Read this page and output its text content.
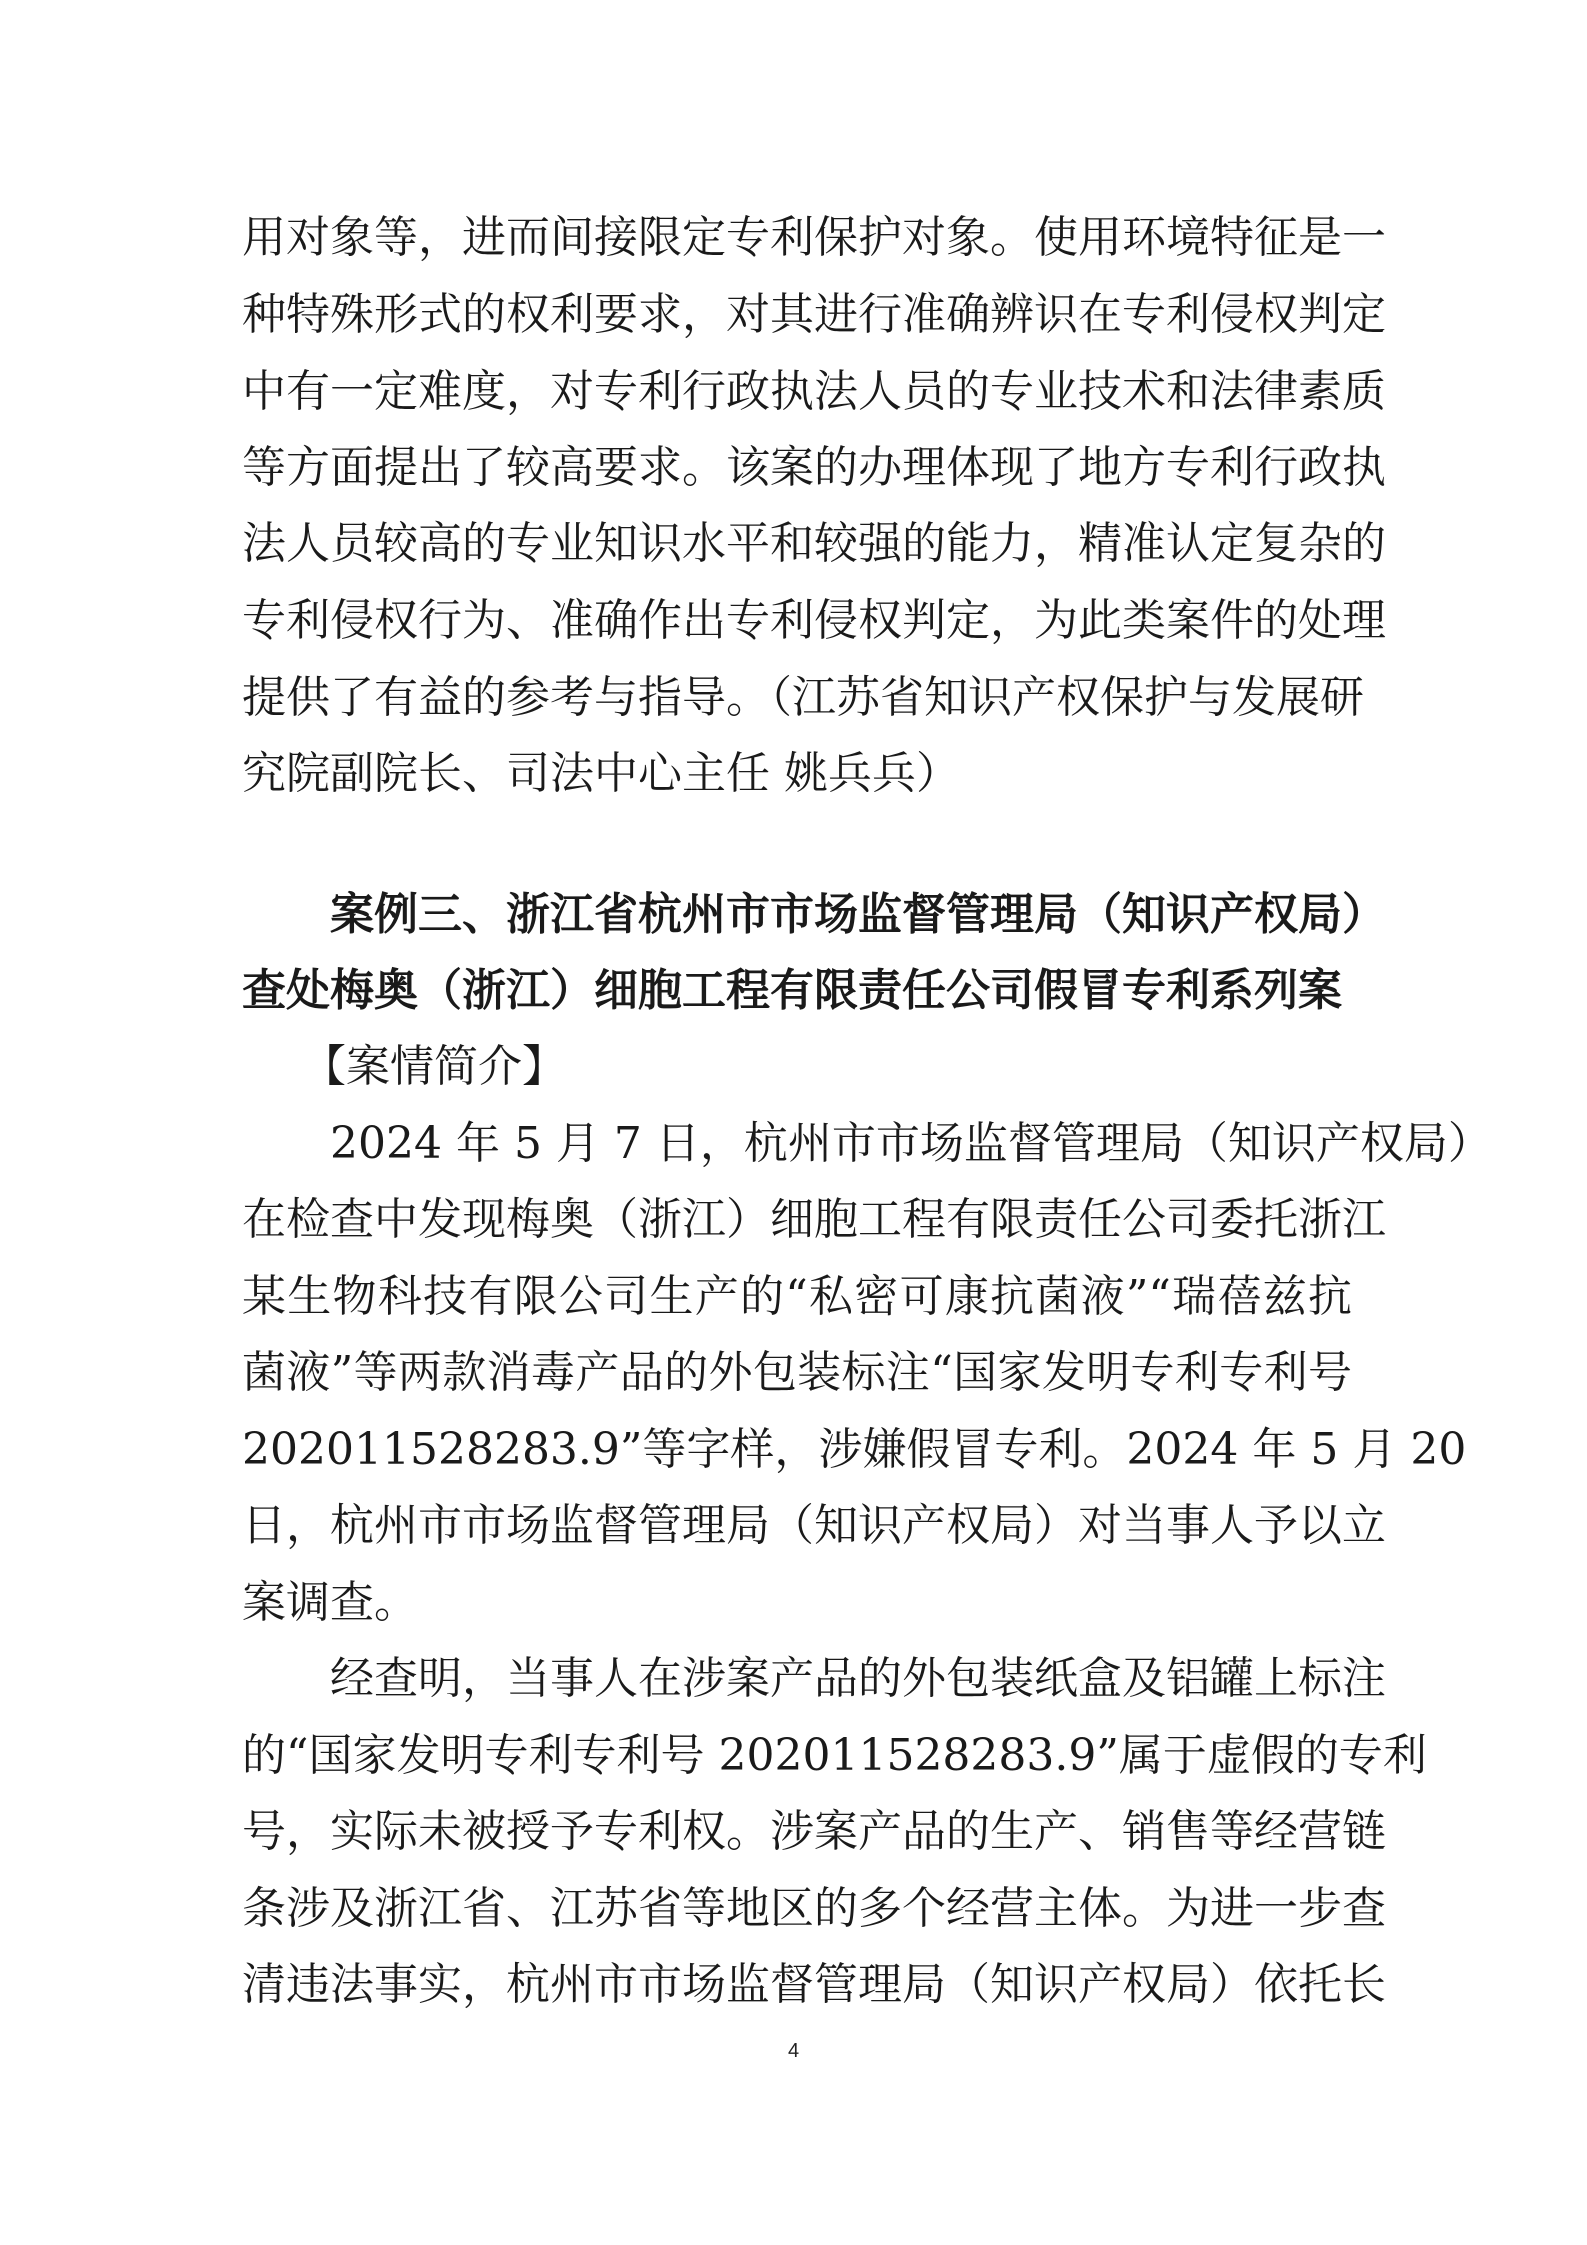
用对象等，进而间接限定专利保护对象。使用环境特征是一
种特殊形式的权利要求，对其进行准确辨识在专利侵权判定
中有一定难度，对专利行政执法人员的专业技术和法律素质
等方面提出了较高要求。该案的办理体现了地方专利行政执
法人员较高的专业知识水平和较强的能力，精准认定复杂的
专利侵权行为、准确作出专利侵权判定，为此类案件的处理
提供了有益的参考与指导。（江苏省知识产权保护与发展研
究院副院长、司法中心主任 姚兵兵）
案例三、浙江省杭州市市场监督管理局（知识产权局）
查处梅奥（浙江）细胞工程有限责任公司假冒专利系列案
【案情简介】
2024 年 5 月 7 日，杭州市市场监督管理局（知识产权局）
在检查中发现梅奥（浙江）细胞工程有限责任公司委托浙江
某生物科技有限公司生产的“私密可康抗菌液”“瑞蓓兹抗
菌液”等两款消毒产品的外包装标注“国家发明专利专利号
202011528283.9”等字样，涉嫌假冒专利。2024 年 5 月 20
日，杭州市市场监督管理局（知识产权局）对当事人予以立
案调查。
经查明，当事人在涉案产品的外包装纸盒及铝罐上标注
的“国家发明专利专利号 202011528283.9”属于虚假的专利
号，实际未被授予专利权。涉案产品的生产、销售等经营链
条涉及浙江省、江苏省等地区的多个经营主体。为进一步查
清违法事实，杭州市市场监督管理局（知识产权局）依托长
4
